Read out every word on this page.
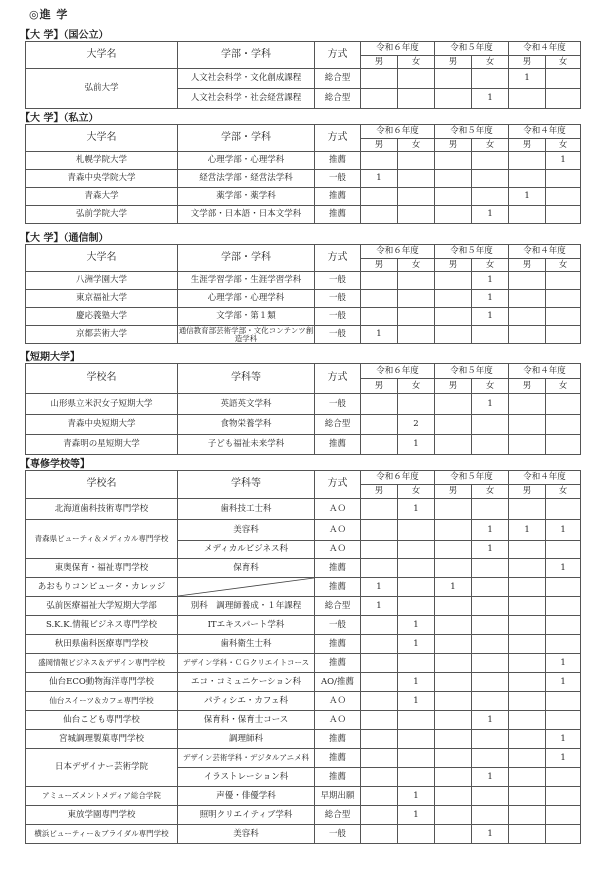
◎進 学
【大 学】（国公立）
大学名	学部・学科	方式	令和６年度		令和５年度		令和４年度	
			男	女	男	女	男	女
弘前大学	人文社会科学・文化創成課程	総合型					1	
	人文社会科学・社会経営課程	総合型				1		
【大 学】（私立）
大学名	学部・学科	方式	令和６年度		令和５年度		令和４年度	
			男	女	男	女	男	女
札幌学院大学	心理学部・心理学科	推薦						1
青森中央学院大学	経営法学部・経営法学科	一般	1					
青森大学	薬学部・薬学科	推薦					1	
弘前学院大学	文学部・日本語・日本文学科	推薦				1		
【大 学】（通信制）
大学名	学部・学科	方式	令和６年度		令和５年度		令和４年度	
			男	女	男	女	男	女
八洲学園大学	生涯学習学部・生涯学習学科	一般				1		
東京福祉大学	心理学部・心理学科	一般				1		
慶応義塾大学	文学部・第１類	一般				1		
京都芸術大学	通信教育部芸術学部・文化コンテンツ創造学科	一般	1					
【短期大学】
学校名	学科等	方式	令和６年度		令和５年度		令和４年度	
			男	女	男	女	男	女
山形県立米沢女子短期大学	英語英文学科	一般				1		
青森中央短期大学	食物栄養学科	総合型		2				
青森明の星短期大学	子ども福祉未来学科	推薦		1				
【専修学校等】
学校名	学科等	方式	令和６年度		令和５年度		令和４年度	
			男	女	男	女	男	女
北海道歯科技術専門学校	歯科技工士科	ＡＯ		1				
青森県ビューティ＆メディカル専門学校	美容科	ＡＯ				1	1	1
	メディカルビジネス科	ＡＯ				1		
東奥保育・福祉専門学校	保育科	推薦						1
あおもりコンピュータ・カレッジ		推薦	1		1			
弘前医療福祉大学短期大学部	別科　調理師養成・１年課程	総合型	1					
S.K.K.情報ビジネス専門学校	ITエキスパート学科	一般		1				
秋田県歯科医療専門学校	歯科衛生士科	推薦		1				
盛岡情報ビジネス＆デザイン専門学校	デザイン学科・ＣＧクリエイトコース	推薦						1
仙台ECO動物海洋専門学校	エコ・コミュニケーション科	AO/推薦		1				1
仙台スイーツ＆カフェ専門学校	パティシエ・カフェ科	ＡＯ		1				
仙台こども専門学校	保育科・保育士コース	ＡＯ				1		
宮城調理製菓専門学校	調理師科	推薦						1
日本デザイナー芸術学院	デザイン芸術学科・デジタルアニメ科	推薦						1
	イラストレーション科	推薦				1		
アミューズメントメディア総合学院	声優・俳優学科	早期出願		1				
東放学園専門学校	照明クリエイティブ学科	総合型		1				
横浜ビューティー＆ブライダル専門学校	美容科	一般				1		
